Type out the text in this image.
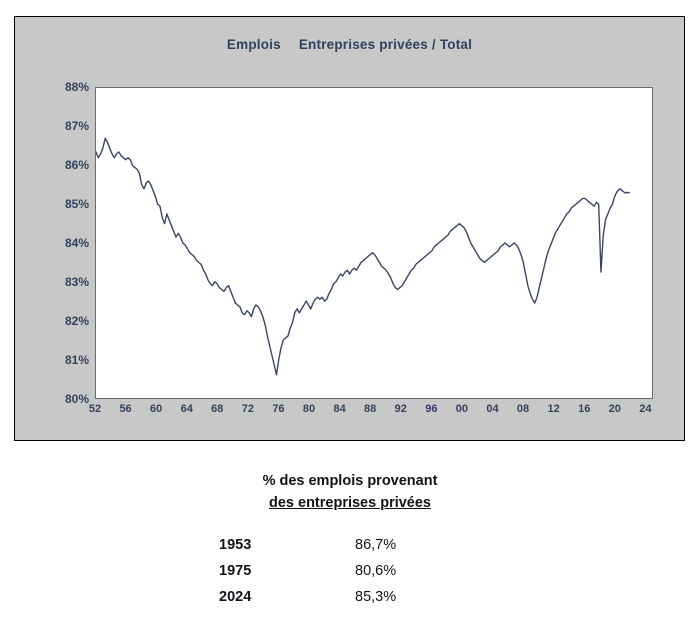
Emplois Entreprises privées / Total
80%
81%
82%
83%
84%
85%
86%
87%
88%
52 56 60 64 68 72 76 80 84 88 92 96 00 04 08 12 16 20 24
% des emplois provenant
des entreprises privées
1953	86,7%
1975	80,6%
2024	85,3%
